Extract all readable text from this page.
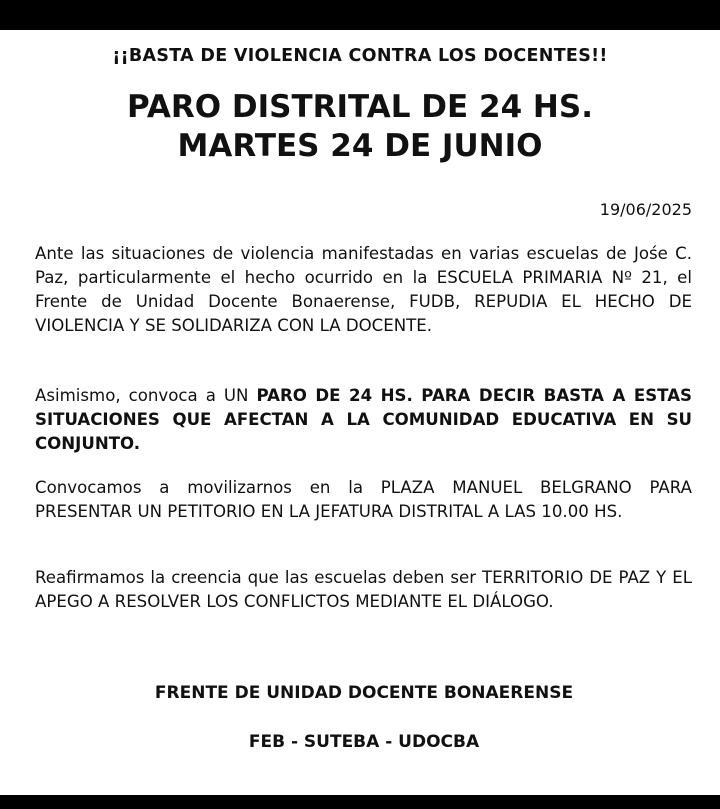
¡¡BASTA DE VIOLENCIA CONTRA LOS DOCENTES!!

PARO DISTRITAL DE 24 HS.
MARTES 24 DE JUNIO

19/06/2025

Ante las situaciones de violencia manifestadas en varias escuelas de Jośe C. Paz, particularmente el hecho ocurrido en la ESCUELA PRIMARIA Nº 21, el Frente de Unidad Docente Bonaerense, FUDB, REPUDIA EL HECHO DE VIOLENCIA Y SE SOLIDARIZA CON LA DOCENTE.

Asimismo, convoca a UN PARO DE 24 HS. PARA DECIR BASTA A ESTAS SITUACIONES QUE AFECTAN A LA COMUNIDAD EDUCATIVA EN SU CONJUNTO.

Convocamos a movilizarnos en la PLAZA MANUEL BELGRANO PARA PRESENTAR UN PETITORIO EN LA JEFATURA DISTRITAL A LAS 10.00 HS.

Reafirmamos la creencia que las escuelas deben ser TERRITORIO DE PAZ Y EL APEGO A RESOLVER LOS CONFLICTOS MEDIANTE EL DIÁLOGO.

FRENTE DE UNIDAD DOCENTE BONAERENSE

FEB - SUTEBA - UDOCBA
